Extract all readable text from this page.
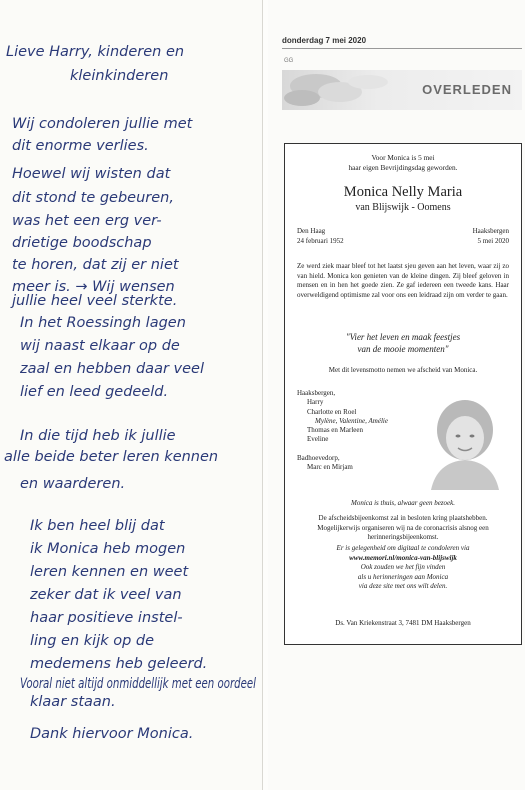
Lieve Harry, kinderen en
kleinkinderen
Wij condoleren jullie met
dit enorme verlies.
Hoewel wij wisten dat
dit stond te gebeuren,
was het een erg ver-
drietige boodschap
te horen, dat zij er niet
meer is. → Wij wensen
jullie heel veel sterkte.
In het Roessingh lagen
wij naast elkaar op de
zaal en hebben daar veel
lief en leed gedeeld.
In die tijd heb ik jullie
alle beide beter leren kennen
en waarderen.
Ik ben heel blij dat
ik Monica heb mogen
leren kennen en weet
zeker dat ik veel van
haar positieve instel-
ling en kijk op de
medemens heb geleerd.
Vooral niet altijd onmiddellijk met een oordeel
klaar staan.
Dank hiervoor Monica.
donderdag 7 mei 2020
GG
OVERLEDEN

Voor Monica is 5 mei

haar eigen Bevrijdingsdag geworden.

Monica Nelly Maria
van Blijswijk - Oomens

Den Haag

24 februari 1952

Haaksbergen

5 mei 2020

Ze werd ziek maar bleef tot het laatst sjeu geven aan het leven, waar zij zo van hield. Monica kon genieten van de kleine dingen. Zij bleef geloven in mensen en in hen het goede zien. Ze gaf iedereen een tweede kans. Haar overweldigend optimisme zal voor ons een leidraad zijn om verder te gaan.

"Vier het leven en maak feestjes

van de mooie momenten"

Met dit levensmotto nemen we afscheid van Monica.

Haaksbergen,

Harry

Charlotte en Roel

Mylène, Valentine, Amélie

Thomas en Marleen

Eveline

Badhoevedorp,

Marc en Mirjam

Monica is thuis, alwaar geen bezoek.
De afscheidsbijeenkomst zal in besloten kring plaatshebben. Mogelijkerwijs organiseren wij na de coronacrisis alsnog een herinneringsbijeenkomst.

Er is gelegenheid om digitaal te condoleren via

www.memori.nl/monica-van-blijswijk

Ook zouden we het fijn vinden

als u herinneringen aan Monica

via deze site met ons wilt delen.

Ds. Van Kriekenstraat 3, 7481 DM Haaksbergen
